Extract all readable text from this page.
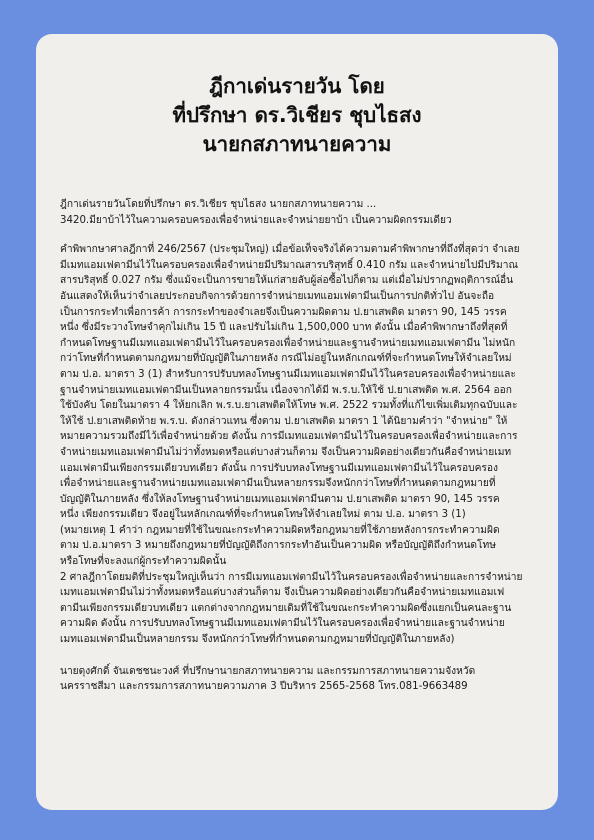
ฎีกาเด่นรายวัน โดย
ที่ปรึกษา ดร.วิเชียร ชุบไธสง
นายกสภาทนายความ

ฎีกาเด่นรายวันโดยที่ปรึกษา ดร.วิเชียร ชุบไธสง นายกสภาทนายความ ...
3420.มียาบ้าไว้ในความครอบครองเพื่อจำหน่ายและจำหน่ายยาบ้า เป็นความผิดกรรมเดียว

คำพิพากษาศาลฎีกาที่ 246/2567 (ประชุมใหญ่) เมื่อข้อเท็จจริงได้ความตามคำพิพากษาที่ถึงที่สุดว่า จำเลย
มีเมทแอมเฟตามีนไว้ในครอบครองเพื่อจำหน่ายมีปริมาณสารบริสุทธิ์ 0.410 กรัม และจำหน่ายไปมีปริมาณ
สารบริสุทธิ์ 0.027 กรัม ซึ่งแม้จะเป็นการขายให้แก่สายลับผู้ล่อซื้อไปก็ตาม แต่เมื่อไม่ปรากฏพฤติการณ์อื่น
อันแสดงให้เห็นว่าจำเลยประกอบกิจการด้วยการจำหน่ายเมทแอมเฟตามีนเป็นการปกติทั่วไป อันจะถือ
เป็นการกระทำเพื่อการค้า การกระทำของจำเลยจึงเป็นความผิดตาม ป.ยาเสพติด มาตรา 90, 145 วรรค
หนึ่ง ซึ่งมีระวางโทษจำคุกไม่เกิน 15 ปี และปรับไม่เกิน 1,500,000 บาท ดังนั้น เมื่อคำพิพากษาถึงที่สุดที่
กำหนดโทษฐานมีเมทแอมเฟตามีนไว้ในครอบครองเพื่อจำหน่ายและฐานจำหน่ายเมทแอมเฟตามีน ไม่หนัก
กว่าโทษที่กำหนดตามกฎหมายที่บัญญัติในภายหลัง กรณีไม่อยู่ในหลักเกณฑ์ที่จะกำหนดโทษให้จำเลยใหม่
ตาม ป.อ. มาตรา 3 (1) สำหรับการปรับบทลงโทษฐานมีเมทแอมเฟตามีนไว้ในครอบครองเพื่อจำหน่ายและ
ฐานจำหน่ายเมทแอมเฟตามีนเป็นหลายกรรมนั้น เนื่องจากได้มี พ.ร.บ.ให้ใช้ ป.ยาเสพติด พ.ศ. 2564 ออก
ใช้บังคับ โดยในมาตรา 4 ให้ยกเลิก พ.ร.บ.ยาเสพติดให้โทษ พ.ศ. 2522 รวมทั้งที่แก้ไขเพิ่มเติมทุกฉบับและ
ให้ใช้ ป.ยาเสพติดท้าย พ.ร.บ. ดังกล่าวแทน ซึ่งตาม ป.ยาเสพติด มาตรา 1 ได้นิยามคำว่า "จำหน่าย" ให้
หมายความรวมถึงมีไว้เพื่อจำหน่ายด้วย ดังนั้น การมีเมทแอมเฟตามีนไว้ในครอบครองเพื่อจำหน่ายและการ
จำหน่ายเมทแอมเฟตามีนไม่ว่าทั้งหมดหรือแต่บางส่วนก็ตาม จึงเป็นความผิดอย่างเดียวกันคือจำหน่ายเมท
แอมเฟตามีนเพียงกรรมเดียวบทเดียว ดังนั้น การปรับบทลงโทษฐานมีเมทแอมเฟตามีนไว้ในครอบครอง
เพื่อจำหน่ายและฐานจำหน่ายเมทแอมเฟตามีนเป็นหลายกรรมจึงหนักกว่าโทษที่กำหนดตามกฎหมายที่
บัญญัติในภายหลัง ซึ่งให้ลงโทษฐานจำหน่ายเมทแอมเฟตามีนตาม ป.ยาเสพติด มาตรา 90, 145 วรรค
หนึ่ง เพียงกรรมเดียว จึงอยู่ในหลักเกณฑ์ที่จะกำหนดโทษให้จำเลยใหม่ ตาม ป.อ. มาตรา 3 (1)
(หมายเหตุ 1 คำว่า กฎหมายที่ใช้ในขณะกระทำความผิดหรือกฎหมายที่ใช้ภายหลังการกระทำความผิด
ตาม ป.อ.มาตรา 3 หมายถึงกฎหมายที่บัญญัติถึงการกระทำอันเป็นความผิด หรือบัญญัติถึงกำหนดโทษ
หรือโทษที่จะลงแก่ผู้กระทำความผิดนั้น
2 ศาลฎีกาโดยมติที่ประชุมใหญ่เห็นว่า การมีเมทแอมเฟตามีนไว้ในครอบครองเพื่อจำหน่ายและการจำหน่าย
เมทแอมเฟตามีนไม่ว่าทั้งหมดหรือแต่บางส่วนก็ตาม จึงเป็นความผิดอย่างเดียวกันคือจำหน่ายเมทแอมเฟ
ตามีนเพียงกรรมเดียวบทเดียว แตกต่างจากกฎหมายเดิมที่ใช้ในขณะกระทำความผิดซึ่งแยกเป็นคนละฐาน
ความผิด ดังนั้น การปรับบทลงโทษฐานมีเมทแอมเฟตามีนไว้ในครอบครองเพื่อจำหน่ายและฐานจำหน่าย
เมทแอมเฟตามีนเป็นหลายกรรม จึงหนักกว่าโทษที่กำหนดตามกฎหมายที่บัญญัติในภายหลัง)

นายดุงศักดิ์ จันเดชชนะวงศ์ ที่ปรึกษานายกสภาทนายความ และกรรมการสภาทนายความจังหวัด
นครราชสีมา และกรรมการสภาทนายความภาค 3 ปีบริหาร 2565-2568 โทร.081-9663489
